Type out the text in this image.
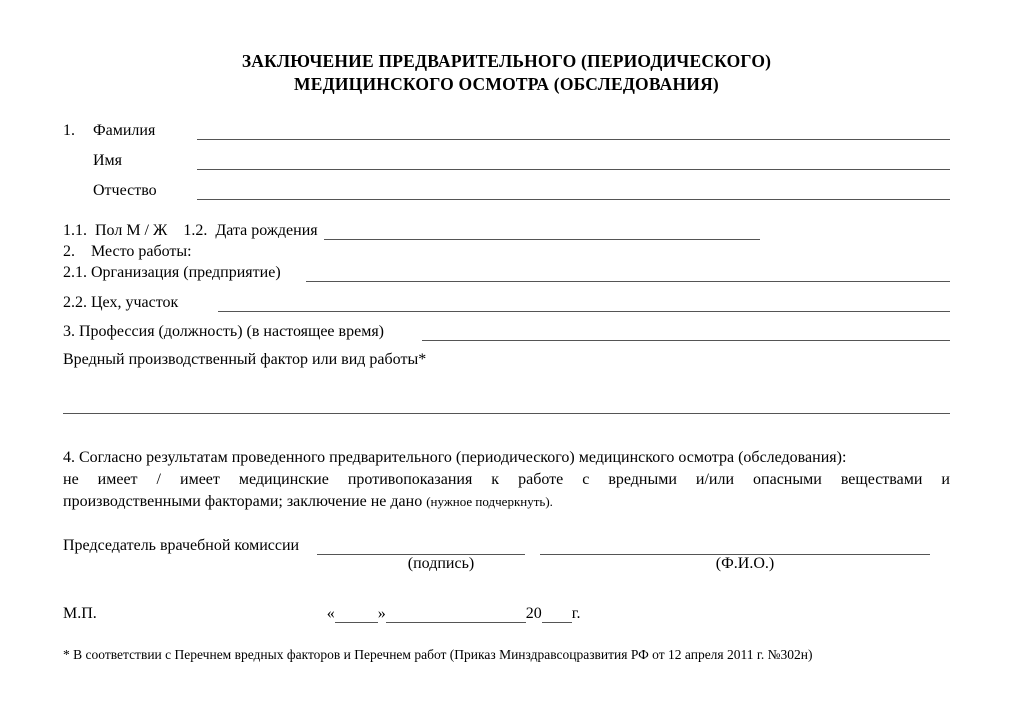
ЗАКЛЮЧЕНИЕ ПРЕДВАРИТЕЛЬНОГО (ПЕРИОДИЧЕСКОГО)
МЕДИЦИНСКОГО ОСМОТРА (ОБСЛЕДОВАНИЯ)
1.	Фамилия
Имя
Отчество
1.1.  Пол М / Ж 1.2.  Дата рождения
2.    Место работы:
2.1. Организация (предприятие)
2.2. Цех, участок
3. Профессия (должность) (в настоящее время)
Вредный производственный фактор или вид работы*
4. Согласно результатам проведенного предварительного (периодического) медицинского осмотра (обследования):
не имеет / имеет медицинские противопоказания к работе с вредными и/или опасными веществами и
производственными факторами; заключение не дано (нужное подчеркнуть).
Председатель врачебной комиссии
(подпись)	(Ф.И.О.)
М.П.	«	»	20 г.
* В соответствии с Перечнем вредных факторов и Перечнем работ (Приказ Минздравсоцразвития РФ от 12 апреля 2011 г. №302н)
